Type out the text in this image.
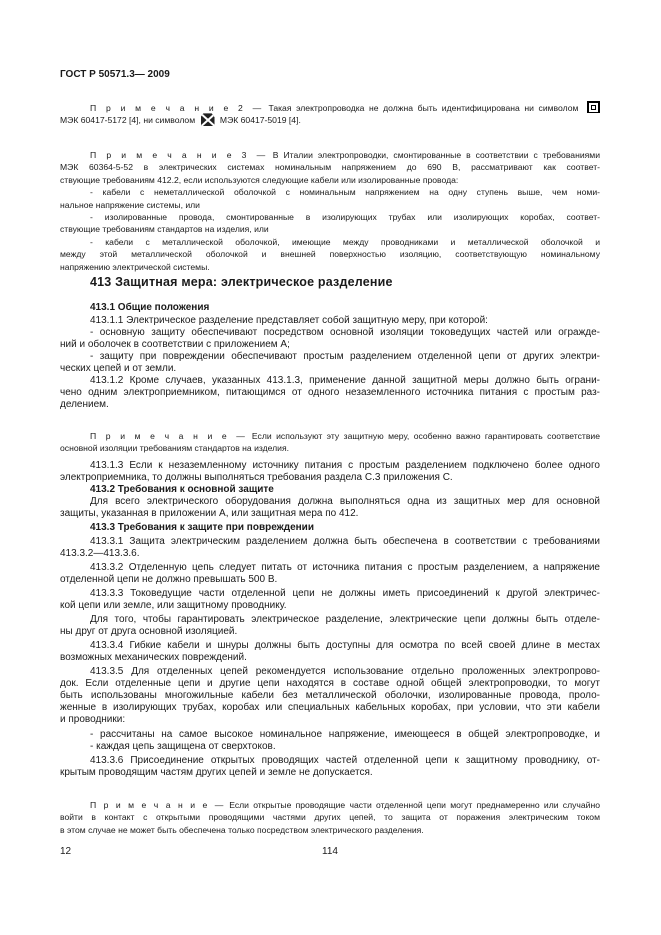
ГОСТ Р 50571.3— 2009
П р и м е ч а н и е 2 — Такая электропроводка не должна быть идентифицирована ни символом
МЭК 60417-5172 [4], ни символом	МЭК 60417-5019 [4].
П р и м е ч а н и е 3 — В Италии электропроводки, смонтированные в соответствии с требованиями
МЭК 60364-5-52 в электрических системах номинальным напряжением до 690 В, рассматривают как соответ-
ствующие требованиям 412.2, если используются следующие кабели или изолированные провода:
- кабели с неметаллической оболочкой с номинальным напряжением на одну ступень выше, чем номи-
нальное напряжение системы, или
- изолированные провода, смонтированные в изолирующих трубах или изолирующих коробах, соответ-
ствующие требованиям стандартов на изделия, или
- кабели с металлической оболочкой, имеющие между проводниками и металлической оболочкой и
между этой металлической оболочкой и внешней поверхностью изоляцию, соответствующую номинальному
напряжению электрической системы.
413 Защитная мера: электрическое разделение
413.1 Общие положения
413.1.1 Электрическое разделение представляет собой защитную меру, при которой:
- основную защиту обеспечивают посредством основной изоляции токоведущих частей или огражде-
ний и оболочек в соответствии с приложением А;
- защиту при повреждении обеспечивают простым разделением отделенной цепи от других электри-
ческих цепей и от земли.
413.1.2 Кроме случаев, указанных 413.1.3, применение данной защитной меры должно быть ограни-
чено одним электроприемником, питающимся от одного незаземленного источника питания с простым раз-
делением.
П р и м е ч а н и е — Если используют эту защитную меру, особенно важно гарантировать соответствие
основной изоляции требованиям стандартов на изделия.
413.1.3 Если к незаземленному источнику питания с простым разделением подключено более одного
электроприемника, то должны выполняться требования раздела С.3 приложения С.
413.2 Требования к основной защите
Для всего электрического оборудования должна выполняться одна из защитных мер для основной
защиты, указанная в приложении А, или защитная мера по 412.
413.3 Требования к защите при повреждении
413.3.1 Защита электрическим разделением должна быть обеспечена в соответствии с требованиями
413.3.2—413.3.6.
413.3.2 Отделенную цепь следует питать от источника питания с простым разделением, а напряжение
отделенной цепи не должно превышать 500 В.
413.3.3 Токоведущие части отделенной цепи не должны иметь присоединений к другой электричес-
кой цепи или земле, или защитному проводнику.
Для того, чтобы гарантировать электрическое разделение, электрические цепи должны быть отделе-
ны друг от друга основной изоляцией.
413.3.4 Гибкие кабели и шнуры должны быть доступны для осмотра по всей своей длине в местах
возможных механических повреждений.
413.3.5 Для отделенных цепей рекомендуется использование отдельно проложенных электропрово-
док. Если отделенные цепи и другие цепи находятся в составе одной общей электропроводки, то могут
быть использованы многожильные кабели без металлической оболочки, изолированные провода, проло-
женные в изолирующих трубах, коробах или специальных кабельных коробах, при условии, что эти кабели
и проводники:
- рассчитаны на самое высокое номинальное напряжение, имеющееся в общей электропроводке, и
- каждая цепь защищена от сверхтоков.
413.3.6 Присоединение открытых проводящих частей отделенной цепи к защитному проводнику, от-
крытым проводящим частям других цепей и земле не допускается.
П р и м е ч а н и е — Если открытые проводящие части отделенной цепи могут преднамеренно или случайно
войти в контакт с открытыми проводящими частями других цепей, то защита от поражения электрическим током
в этом случае не может быть обеспечена только посредством электрического разделения.
12	114
